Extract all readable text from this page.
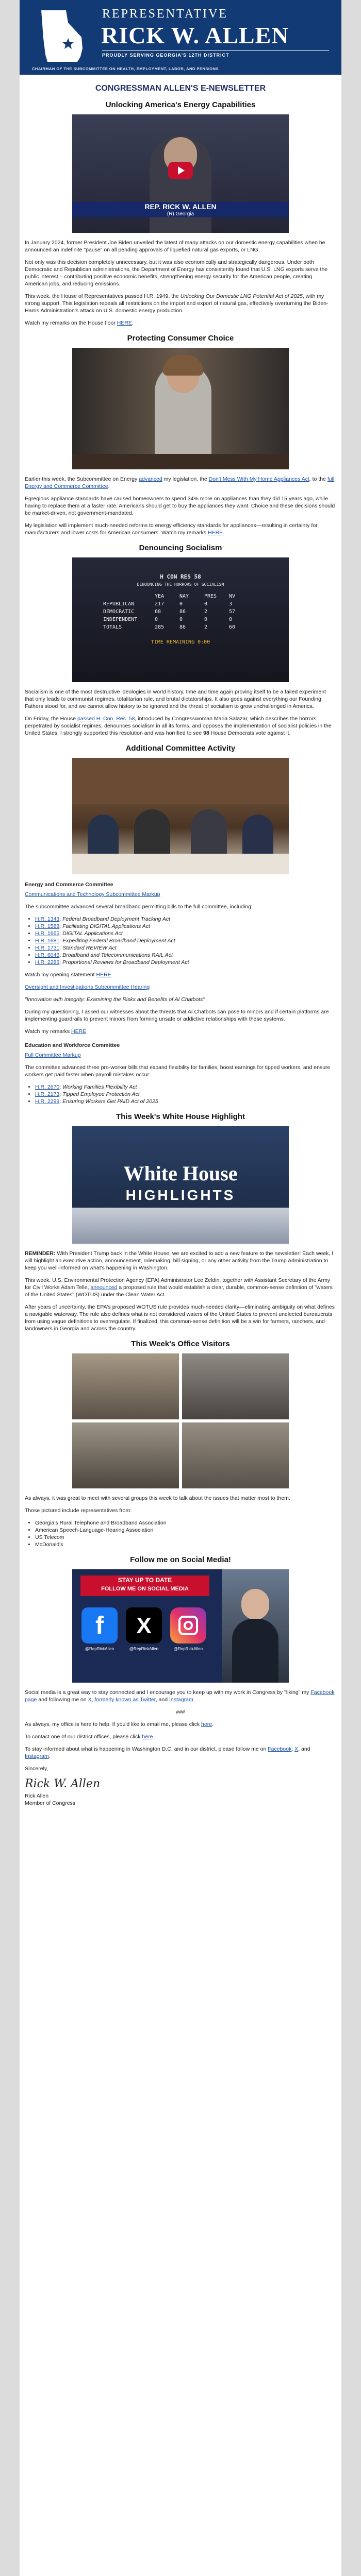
REPRESENTATIVE
RICK W. ALLEN
PROUDLY SERVING GEORGIA'S 12TH DISTRICT
CHAIRMAN OF THE SUBCOMMITTEE ON HEALTH, EMPLOYMENT, LABOR, AND PENSIONS
CONGRESSMAN ALLEN'S E-NEWSLETTER
Unlocking America's Energy Capabilities
REP. RICK W. ALLEN
(R) Georgia

In January 2024, former President Joe Biden unveiled the latest of many attacks on our domestic energy capabilities when he announced an indefinite "pause" on all pending approvals of liquefied natural gas exports, or LNG.

Not only was this decision completely unnecessary, but it was also economically and strategically dangerous. Under both Democratic and Republican administrations, the Department of Energy has consistently found that U.S. LNG exports serve the public interest – contributing positive economic benefits, strengthening energy security for the American people, creating American jobs, and reducing emissions.

This week, the House of Representatives passed H.R. 1949, the Unlocking Our Domestic LNG Potential Act of 2025, with my strong support. This legislation repeals all restrictions on the import and export of natural gas, effectively overturning the Biden-Harris Administration's attack on U.S. domestic energy production.

Watch my remarks on the House floor HERE.

Protecting Consumer Choice

Earlier this week, the Subcommittee on Energy advanced my legislation, the Don't Mess With My Home Appliances Act, to the full Energy and Commerce Committee.

Egregious appliance standards have caused homeowners to spend 34% more on appliances than they did 15 years ago, while having to replace them at a faster rate. Americans should get to buy the appliances they want. Choice and these decisions should be market-driven, not government-mandated.

My legislation will implement much-needed reforms to energy efficiency standards for appliances—resulting in certainty for manufacturers and lower costs for American consumers. Watch my remarks HERE.

Denouncing Socialism
H CON RES 58
DENOUNCING THE HORRORS OF SOCIALISM
YEA	NAY	PRES	NV
REPUBLICAN	217	0	0	3
DEMOCRATIC	68	86	2	57
INDEPENDENT	0	0	0	0
TOTALS	285	86	2	60
TIME REMAINING 0:00

Socialism is one of the most destructive ideologies in world history, time and time again proving itself to be a failed experiment that only leads to communist regimes, totalitarian rule, and brutal dictatorships. It also goes against everything our Founding Fathers stood for, and we cannot allow history to be ignored and the threat of socialism to grow unchallenged in America.

On Friday, the House passed H. Con. Res. 58, introduced by Congresswoman Maria Salazar, which describes the horrors perpetrated by socialist regimes, denounces socialism in all its forms, and opposes the implementation of socialist policies in the United States. I strongly supported this resolution and was horrified to see 98 House Democrats vote against it.

Additional Committee Activity
Energy and Commerce Committee

Communications and Technology Subcommittee Markup

The subcommittee advanced several broadband permitting bills to the full committee, including:

• H.R. 1343: Federal Broadband Deployment Tracking Act
• H.R. 1588: Facilitating DIGITAL Applications Act
• H.R. 1665: DIGITAL Applications Act
• H.R. 1681: Expediting Federal Broadband Deployment Act
• H.R. 1731: Standard REVIEW Act
• H.R. 6046: Broadband and Telecommunications RAIL Act
• H.R. 2286: Proportional Reviews for Broadband Deployment Act

Watch my opening statement HERE

Oversight and Investigations Subcommittee Hearing

"Innovation with Integrity: Examining the Risks and Benefits of AI Chatbots"

During my questioning, I asked our witnesses about the threats that AI Chatbots can pose to minors and if certain platforms are implementing guardrails to prevent minors from forming unsafe or addictive relationships with these systems.

Watch my remarks HERE

Education and Workforce Committee

Full Committee Markup

The committee advanced three pro-worker bills that expand flexibility for families, boost earnings for tipped workers, and ensure workers get paid faster when payroll mistakes occur:

• H.R. 2670: Working Families Flexibility Act
• H.R. 2173: Tipped Employee Protection Act
• H.R. 2299: Ensuring Workers Get PAID Act of 2025
This Week's White House Highlight
White House
HIGHLIGHTS

REMINDER: With President Trump back in the White House, we are excited to add a new feature to the newsletter! Each week, I will highlight an executive action, announcement, rulemaking, bill signing, or any other activity from the Trump Administration to keep you well-informed on what's happening in Washington.

This week, U.S. Environmental Protection Agency (EPA) Administrator Lee Zeldin, together with Assistant Secretary of the Army for Civil Works Adam Telle, announced a proposed rule that would establish a clear, durable, common-sense definition of "waters of the United States" (WOTUS) under the Clean Water Act.

After years of uncertainty, the EPA's proposed WOTUS rule provides much-needed clarity—eliminating ambiguity on what defines a navigable waterway. The rule also defines what is not considered waters of the United States to prevent unelected bureaucrats from using vague definitions to overregulate. If finalized, this common-sense definition will be a win for farmers, ranchers, and landowners in Georgia and across the country.

This Week's Office Visitors

As always, it was great to meet with several groups this week to talk about the issues that matter most to them.

Those pictured include representatives from:

• Georgia's Rural Telephone and Broadband Association
• American Speech-Language-Hearing Association
• US Telecom
• McDonald's
Follow me on Social Media!
STAY UP TO DATE
FOLLOW ME ON SOCIAL MEDIA
f	X
@RepRickAllen	@RepRickAllen	@RepRickAllen

Social media is a great way to stay connected and I encourage you to keep up with my work in Congress by "liking" my Facebook page and following me on X, formerly known as Twitter, and Instagram.

###

As always, my office is here to help. If you'd like to email me, please click here.

To contact one of our district offices, please click here.

To stay informed about what is happening in Washington D.C. and in our district, please follow me on Facebook, X, and Instagram.

Sincerely,

Rick W. Allen

Rick Allen

Member of Congress
